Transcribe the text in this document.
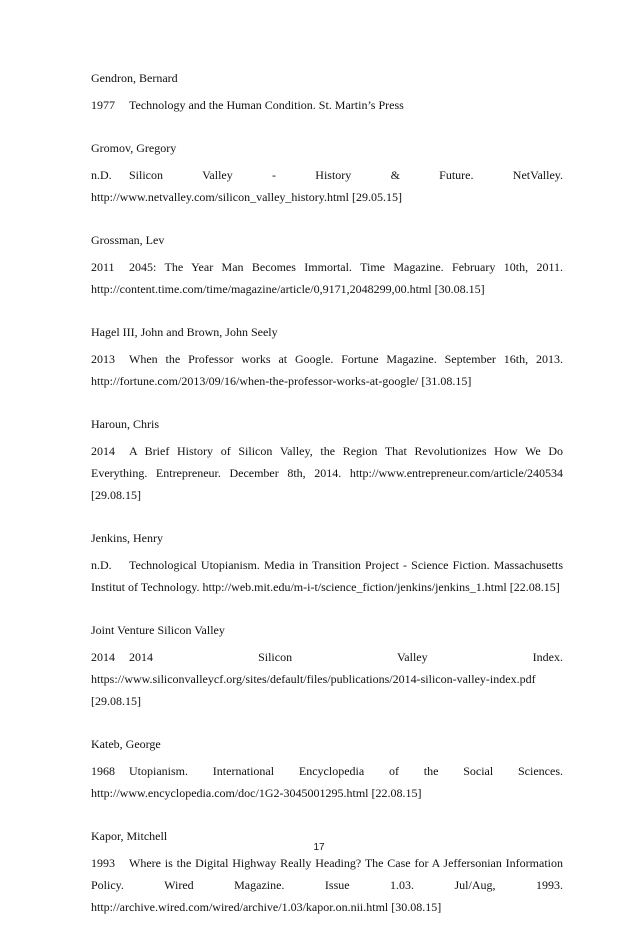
Gendron, Bernard

1977 Technology and the Human Condition. St. Martin’s Press

Gromov, Gregory

n.D. Silicon Valley - History & Future. NetValley. http://www.netvalley.com/silicon_valley_history.html [29.05.15]

Grossman, Lev

2011 2045: The Year Man Becomes Immortal. Time Magazine. February 10th, 2011. http://content.time.com/time/magazine/article/0,9171,2048299,00.html [30.08.15]

Hagel III, John and Brown, John Seely

2013 When the Professor works at Google. Fortune Magazine. September 16th, 2013. http://fortune.com/2013/09/16/when-the-professor-works-at-google/ [31.08.15]

Haroun, Chris

2014 A Brief History of Silicon Valley, the Region That Revolutionizes How We Do Everything. Entrepreneur. December 8th, 2014. http://www.entrepreneur.com/article/240534 [29.08.15]

Jenkins, Henry

n.D. Technological Utopianism. Media in Transition Project - Science Fiction. Massachusetts Institut of Technology. http://web.mit.edu/m-i-t/science_fiction/jenkins/jenkins_1.html [22.08.15]

Joint Venture Silicon Valley

2014 2014 Silicon Valley Index. https://www.siliconvalleycf.org/sites/default/files/publications/2014-silicon-valley-index.pdf [29.08.15]

Kateb, George

1968 Utopianism. International Encyclopedia of the Social Sciences. http://www.encyclopedia.com/doc/1G2-3045001295.html [22.08.15]

Kapor, Mitchell

1993 Where is the Digital Highway Really Heading? The Case for A Jeffersonian Information Policy. Wired Magazine. Issue 1.03. Jul/Aug, 1993. http://archive.wired.com/wired/archive/1.03/kapor.on.nii.html [30.08.15]

17
